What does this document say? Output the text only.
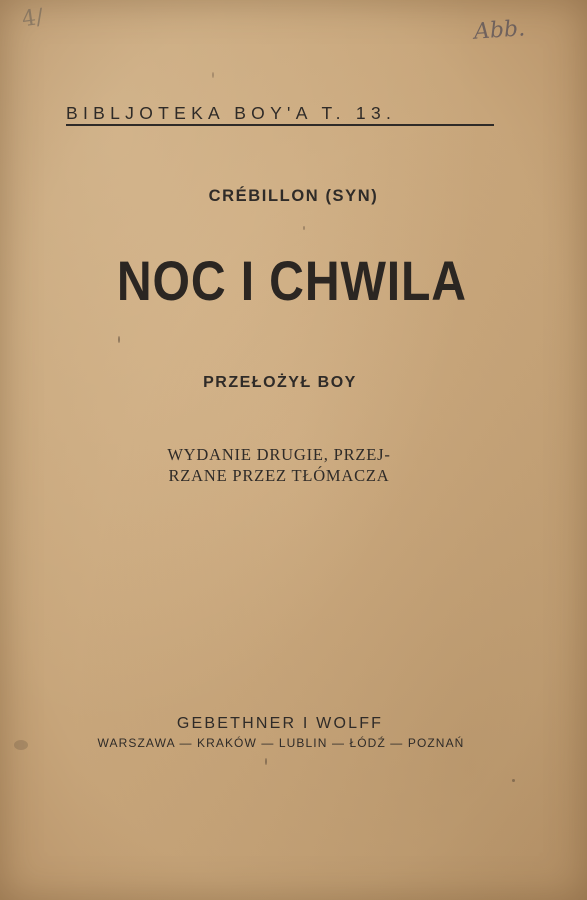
4/	Abb.
BIBLJOTEKA BOY'A T. 13.
CRÉBILLON (SYN)
NOC I CHWILA
PRZEŁOŻYŁ BOY
WYDANIE DRUGIE, PRZEJ-
RZANE PRZEZ TŁÓMACZA
GEBETHNER I WOLFF
WARSZAWA — KRAKÓW — LUBLIN — ŁÓDŹ — POZNAŃ
